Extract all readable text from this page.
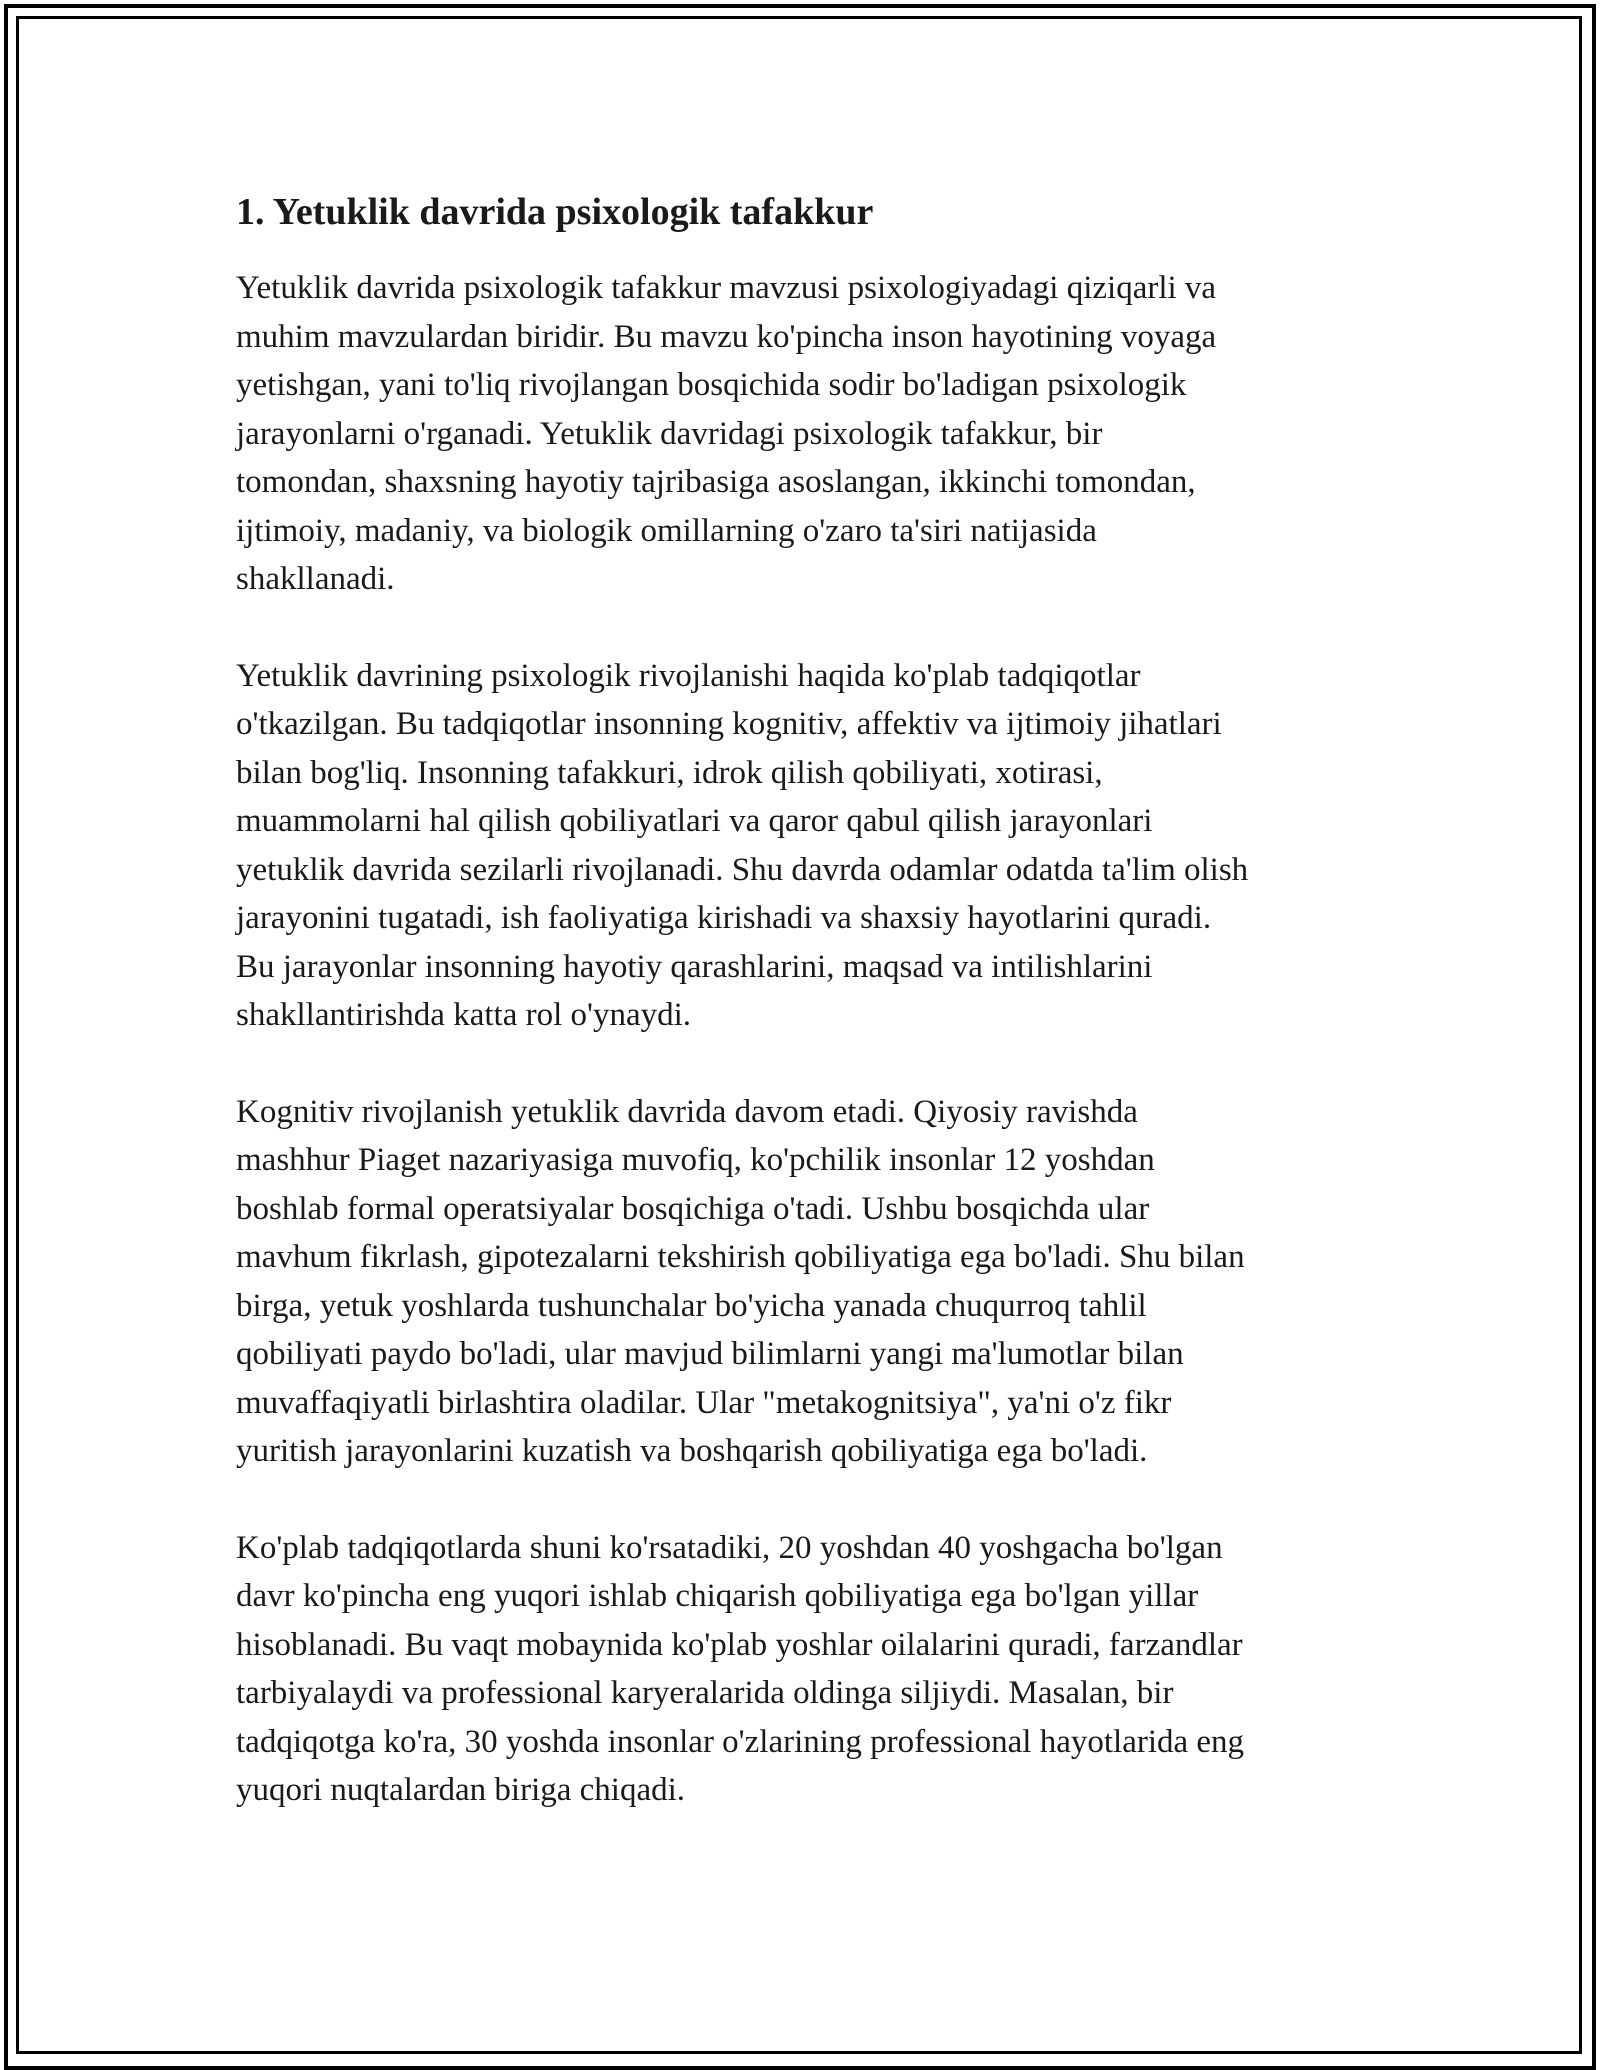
1. Yetuklik davrida psixologik tafakkur

Yetuklik davrida psixologik tafakkur mavzusi psixologiyadagi qiziqarli va
muhim mavzulardan biridir. Bu mavzu ko'pincha inson hayotining voyaga
yetishgan, yani to'liq rivojlangan bosqichida sodir bo'ladigan psixologik
jarayonlarni o'rganadi. Yetuklik davridagi psixologik tafakkur, bir
tomondan, shaxsning hayotiy tajribasiga asoslangan, ikkinchi tomondan,
ijtimoiy, madaniy, va biologik omillarning o'zaro ta'siri natijasida
shakllanadi.

Yetuklik davrining psixologik rivojlanishi haqida ko'plab tadqiqotlar
o'tkazilgan. Bu tadqiqotlar insonning kognitiv, affektiv va ijtimoiy jihatlari
bilan bog'liq. Insonning tafakkuri, idrok qilish qobiliyati, xotirasi,
muammolarni hal qilish qobiliyatlari va qaror qabul qilish jarayonlari
yetuklik davrida sezilarli rivojlanadi. Shu davrda odamlar odatda ta'lim olish
jarayonini tugatadi, ish faoliyatiga kirishadi va shaxsiy hayotlarini quradi.
Bu jarayonlar insonning hayotiy qarashlarini, maqsad va intilishlarini
shakllantirishda katta rol o'ynaydi.

Kognitiv rivojlanish yetuklik davrida davom etadi. Qiyosiy ravishda
mashhur Piaget nazariyasiga muvofiq, ko'pchilik insonlar 12 yoshdan
boshlab formal operatsiyalar bosqichiga o'tadi. Ushbu bosqichda ular
mavhum fikrlash, gipotezalarni tekshirish qobiliyatiga ega bo'ladi. Shu bilan
birga, yetuk yoshlarda tushunchalar bo'yicha yanada chuqurroq tahlil
qobiliyati paydo bo'ladi, ular mavjud bilimlarni yangi ma'lumotlar bilan
muvaffaqiyatli birlashtira oladilar. Ular "metakognitsiya", ya'ni o'z fikr
yuritish jarayonlarini kuzatish va boshqarish qobiliyatiga ega bo'ladi.

Ko'plab tadqiqotlarda shuni ko'rsatadiki, 20 yoshdan 40 yoshgacha bo'lgan
davr ko'pincha eng yuqori ishlab chiqarish qobiliyatiga ega bo'lgan yillar
hisoblanadi. Bu vaqt mobaynida ko'plab yoshlar oilalarini quradi, farzandlar
tarbiyalaydi va professional karyeralarida oldinga siljiydi. Masalan, bir
tadqiqotga ko'ra, 30 yoshda insonlar o'zlarining professional hayotlarida eng
yuqori nuqtalardan biriga chiqadi.
